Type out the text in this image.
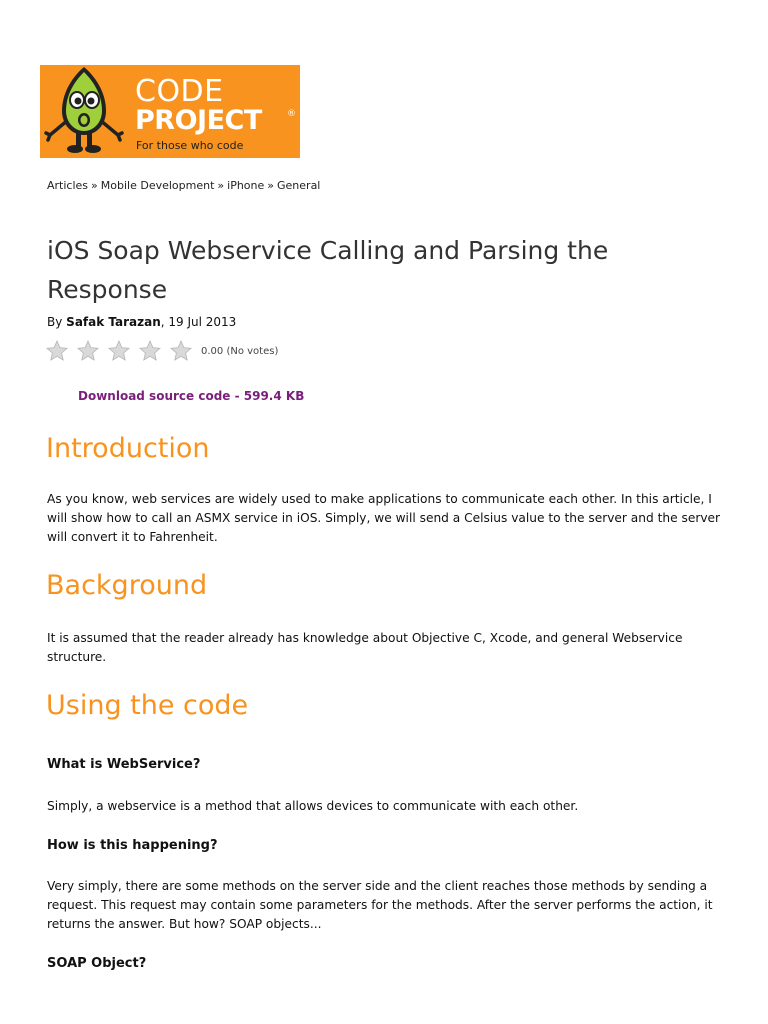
CODE
PROJECT	®
For those who code
Articles » Mobile Development » iPhone » General
iOS Soap Webservice Calling and Parsing the Response
By Safak Tarazan, 19 Jul 2013
0.00 (No votes)
Download source code - 599.4 KB
Introduction

As you know, web services are widely used to make applications to communicate each other. In this article, I will show how to call an ASMX service in iOS. Simply, we will send a Celsius value to the server and the server will convert it to Fahrenheit.

Background

It is assumed that the reader already has knowledge about Objective C, Xcode, and general Webservice structure.

Using the code
What is WebService?

Simply, a webservice is a method that allows devices to communicate with each other.

How is this happening?

Very simply, there are some methods on the server side and the client reaches those methods by sending a request. This request may contain some parameters for the methods. After the server performs the action, it returns the answer. But how? SOAP objects...

SOAP Object?
